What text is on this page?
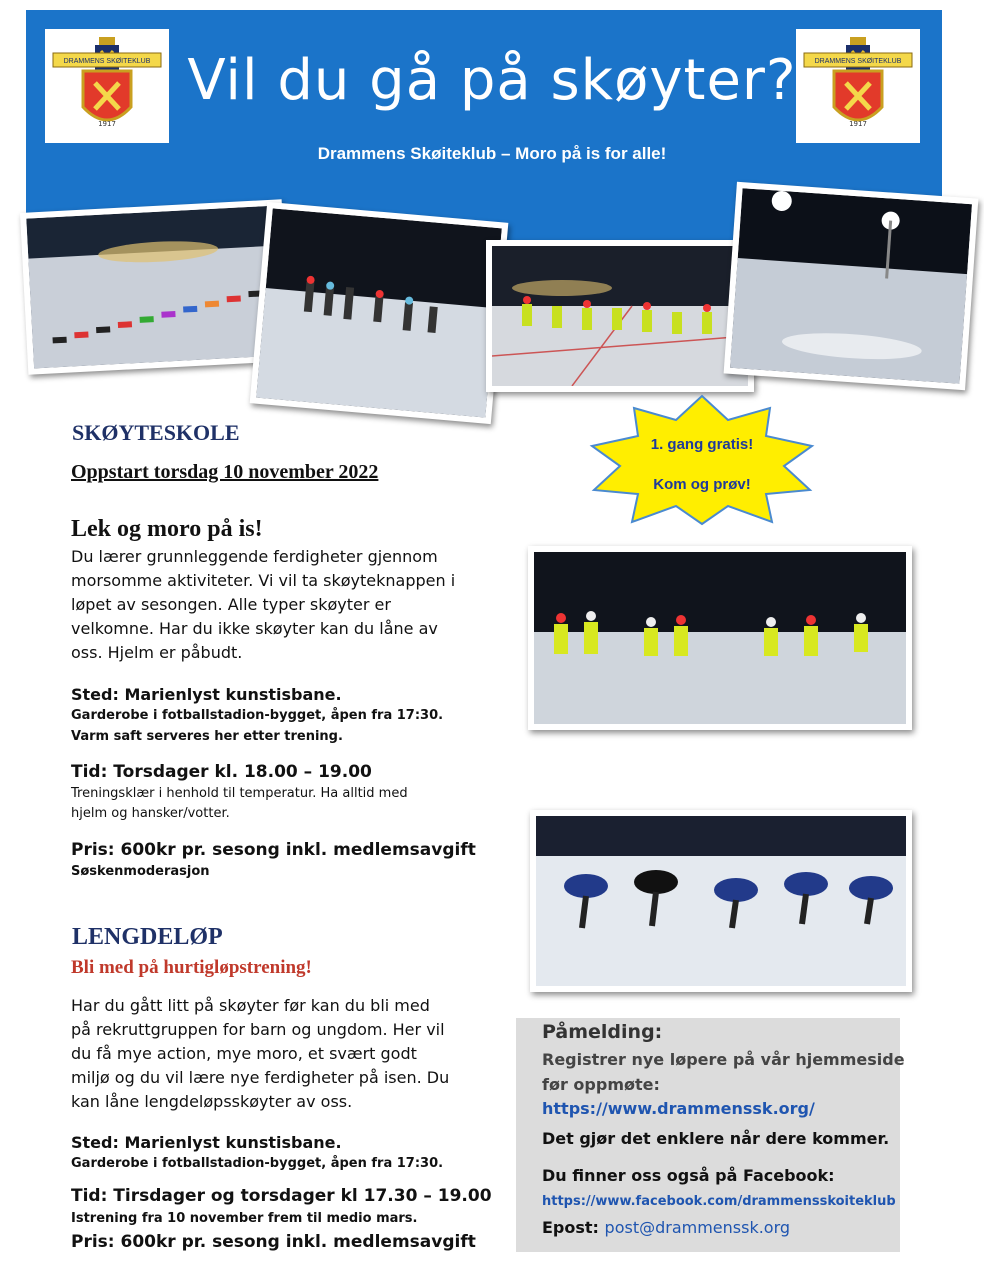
1917
DRAMMENS SKØITEKLUB
1917
DRAMMENS SKØITEKLUB
Vil du gå på skøyter?
Drammens Skøiteklub – Moro på is for alle!
1. gang gratis!
Kom og prøv!
SKØYTESKOLE
Oppstart torsdag 10 november 2022
Lek og moro på is!
Du lærer grunnleggende ferdigheter gjennom
morsomme aktiviteter. Vi vil ta skøyteknappen i
løpet av sesongen. Alle typer skøyter er
velkomne. Har du ikke skøyter kan du låne av
oss. Hjelm er påbudt.
Sted: Marienlyst kunstisbane.
Garderobe i fotballstadion-bygget, åpen fra 17:30.
Varm saft serveres her etter trening.
Tid: Torsdager kl. 18.00 – 19.00
Treningsklær i henhold til temperatur. Ha alltid med
hjelm og hansker/votter.
Pris: 600kr pr. sesong inkl. medlemsavgift
Søskenmoderasjon
LENGDELØP
Bli med på hurtigløpstrening!
Har du gått litt på skøyter før kan du bli med
på rekruttgruppen for barn og ungdom. Her vil
du få mye action, mye moro, et svært godt
miljø og du vil lære nye ferdigheter på isen. Du
kan låne lengdeløpsskøyter av oss.
Sted: Marienlyst kunstisbane.
Garderobe i fotballstadion-bygget, åpen fra 17:30.
Tid: Tirsdager og torsdager kl 17.30 – 19.00
Istrening fra 10 november frem til medio mars.
Pris: 600kr pr. sesong inkl. medlemsavgift
Påmelding:
Registrer nye løpere på vår hjemmeside
før oppmøte:
https://www.drammenssk.org/
Det gjør det enklere når dere kommer.
Du finner oss også på Facebook:
https://www.facebook.com/drammensskoiteklub
Epost: post@drammenssk.org
